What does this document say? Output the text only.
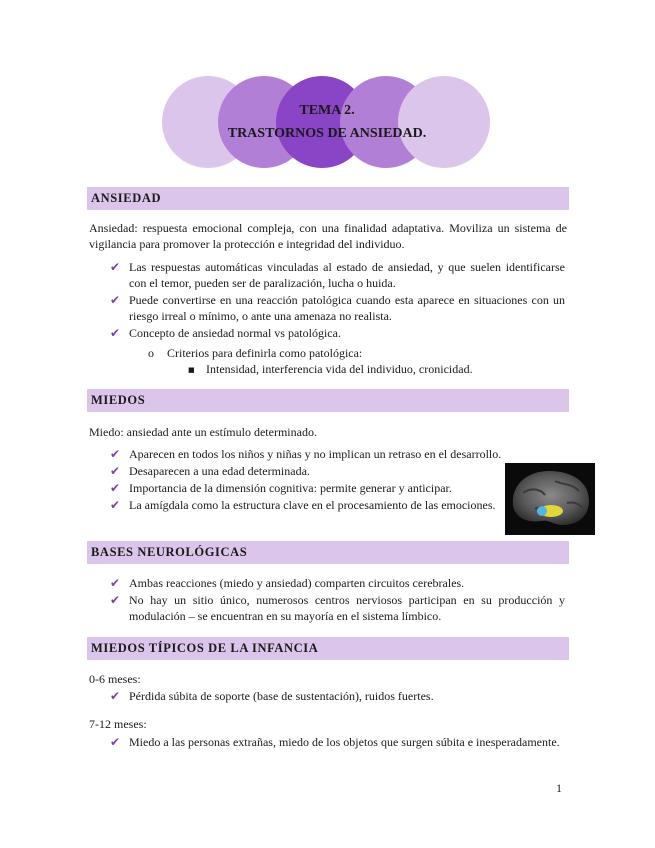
TEMA 2.
TRASTORNOS DE ANSIEDAD.
ANSIEDAD
Ansiedad: respuesta emocional compleja, con una finalidad adaptativa. Moviliza un sistema de vigilancia para promover la protección e integridad del individuo.
✔ Las respuestas automáticas vinculadas al estado de ansiedad, y que suelen identificarse con el temor, pueden ser de paralización, lucha o huida.
✔ Puede convertirse en una reacción patológica cuando esta aparece en situaciones con un riesgo irreal o mínimo, o ante una amenaza no realista.
✔ Concepto de ansiedad normal vs patológica.
o Criterios para definirla como patológica:
■ Intensidad, interferencia vida del individuo, cronicidad.
MIEDOS
Miedo: ansiedad ante un estímulo determinado.
✔ Aparecen en todos los niños y niñas y no implican un retraso en el desarrollo.
✔ Desaparecen a una edad determinada.
✔ Importancia de la dimensión cognitiva: permite generar y anticipar.
✔ La amígdala como la estructura clave en el procesamiento de las emociones.
BASES NEUROLÓGICAS
✔ Ambas reacciones (miedo y ansiedad) comparten circuitos cerebrales.
✔ No hay un sitio único, numerosos centros nerviosos participan en su producción y modulación – se encuentran en su mayoría en el sistema límbico.
MIEDOS TÍPICOS DE LA INFANCIA
0-6 meses:
✔ Pérdida súbita de soporte (base de sustentación), ruidos fuertes.
7-12 meses:
✔ Miedo a las personas extrañas, miedo de los objetos que surgen súbita e inesperadamente.
1
